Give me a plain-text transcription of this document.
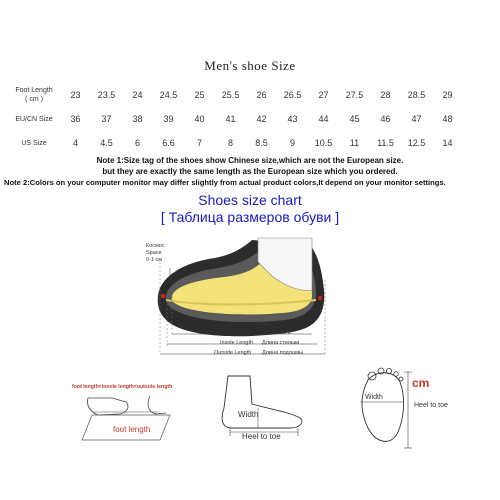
Men's shoe Size
Foot Length
( cm )	23	23.5	24	24.5	25	25.5	26	26.5	27	27.5	28	28.5	29
EU/CN Size	36	37	38	39	40	41	42	43	44	45	46	47	48
US Size	4	4.5	6	6.6	7	8	8.5	9	10.5	11	11.5	12.5	14
Note 1:Size tag of the shoes show Chinese size,which are not the European size.
but they are exactly the same length as the European size which you ordered.
Note 2:Colors on your computer monitor may differ slightly from actual product colors,It depend on your monitor settings.
Shoes size chart
[ Таблица размеров обуви ]
Космос
Space
0-1 см
Foot Length Длина ноги
Insole Length Длина стельки
Outside Length Длина подошвы
foot length<insole length<outsole length
foot length
Width
Heel to toe
cm
Width
Heel to toe
